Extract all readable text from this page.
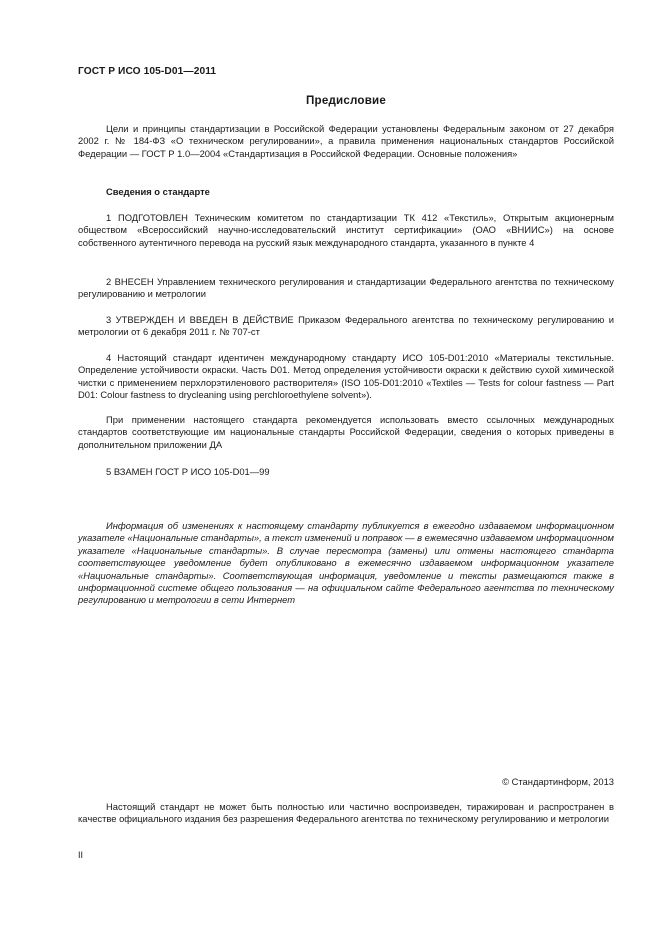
ГОСТ Р ИСО 105-D01—2011
Предисловие

Цели и принципы стандартизации в Российской Федерации установлены Федеральным законом от 27 декабря 2002 г. № 184-ФЗ «О техническом регулировании», а правила применения национальных стандартов Российской Федерации — ГОСТ Р 1.0—2004 «Стандартизация в Российской Федерации. Основные положения»

Сведения о стандарте

1 ПОДГОТОВЛЕН Техническим комитетом по стандартизации ТК 412 «Текстиль», Открытым акционерным обществом «Всероссийский научно-исследовательский институт сертификации» (ОАО «ВНИИС») на основе собственного аутентичного перевода на русский язык международного стандарта, указанного в пункте 4

2 ВНЕСЕН Управлением технического регулирования и стандартизации Федерального агентства по техническому регулированию и метрологии

3 УТВЕРЖДЕН И ВВЕДЕН В ДЕЙСТВИЕ Приказом Федерального агентства по техническому регулированию и метрологии от 6 декабря 2011 г. № 707-ст

4 Настоящий стандарт идентичен международному стандарту ИСО 105-D01:2010 «Материалы текстильные. Определение устойчивости окраски. Часть D01. Метод определения устойчивости окраски к действию сухой химической чистки с применением перхлорэтиленового растворителя» (ISO 105-D01:2010 «Textiles — Tests for colour fastness — Part D01: Colour fastness to drycleaning using perchloroethylene solvent»).

При применении настоящего стандарта рекомендуется использовать вместо ссылочных международных стандартов соответствующие им национальные стандарты Российской Федерации, сведения о которых приведены в дополнительном приложении ДА

5 ВЗАМЕН ГОСТ Р ИСО 105-D01—99

Информация об изменениях к настоящему стандарту публикуется в ежегодно издаваемом информационном указателе «Национальные стандарты», а текст изменений и поправок — в ежемесячно издаваемом информационном указателе «Национальные стандарты». В случае пересмотра (замены) или отмены настоящего стандарта соответствующее уведомление будет опубликовано в ежемесячно издаваемом информационном указателе «Национальные стандарты». Соответствующая информация, уведомление и тексты размещаются также в информационной системе общего пользования — на официальном сайте Федерального агентства по техническому регулированию и метрологии в сети Интернет

© Стандартинформ, 2013

Настоящий стандарт не может быть полностью или частично воспроизведен, тиражирован и распространен в качестве официального издания без разрешения Федерального агентства по техническому регулированию и метрологии

II
